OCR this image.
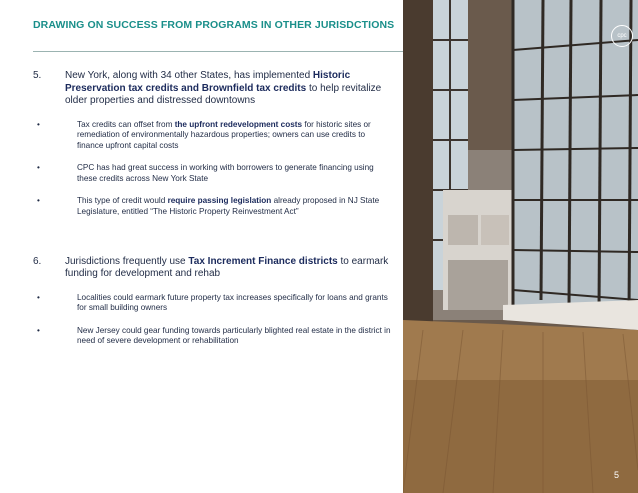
DRAWING ON SUCCESS FROM PROGRAMS IN OTHER JURISDCTIONS
5.	New York, along with 34 other States, has implemented Historic Preservation tax credits and Brownfield tax credits to help revitalize older properties and distressed downtowns
•	Tax credits can offset from the upfront redevelopment costs for historic sites or remediation of environmentally hazardous properties; owners can use credits to finance upfront capital costs
•	CPC has had great success in working with borrowers to generate financing using these credits across New York State
•	This type of credit would require passing legislation already proposed in NJ State Legislature, entitled “The Historic Property Reinvestment Act”
6.	Jurisdictions frequently use Tax Increment Finance districts to earmark funding for development and rehab
•	Localities could earmark future property tax increases specifically for loans and grants for small building owners
•	New Jersey could gear funding towards particularly blighted real estate in the district in need of severe development or rehabilitation
cpc
5
